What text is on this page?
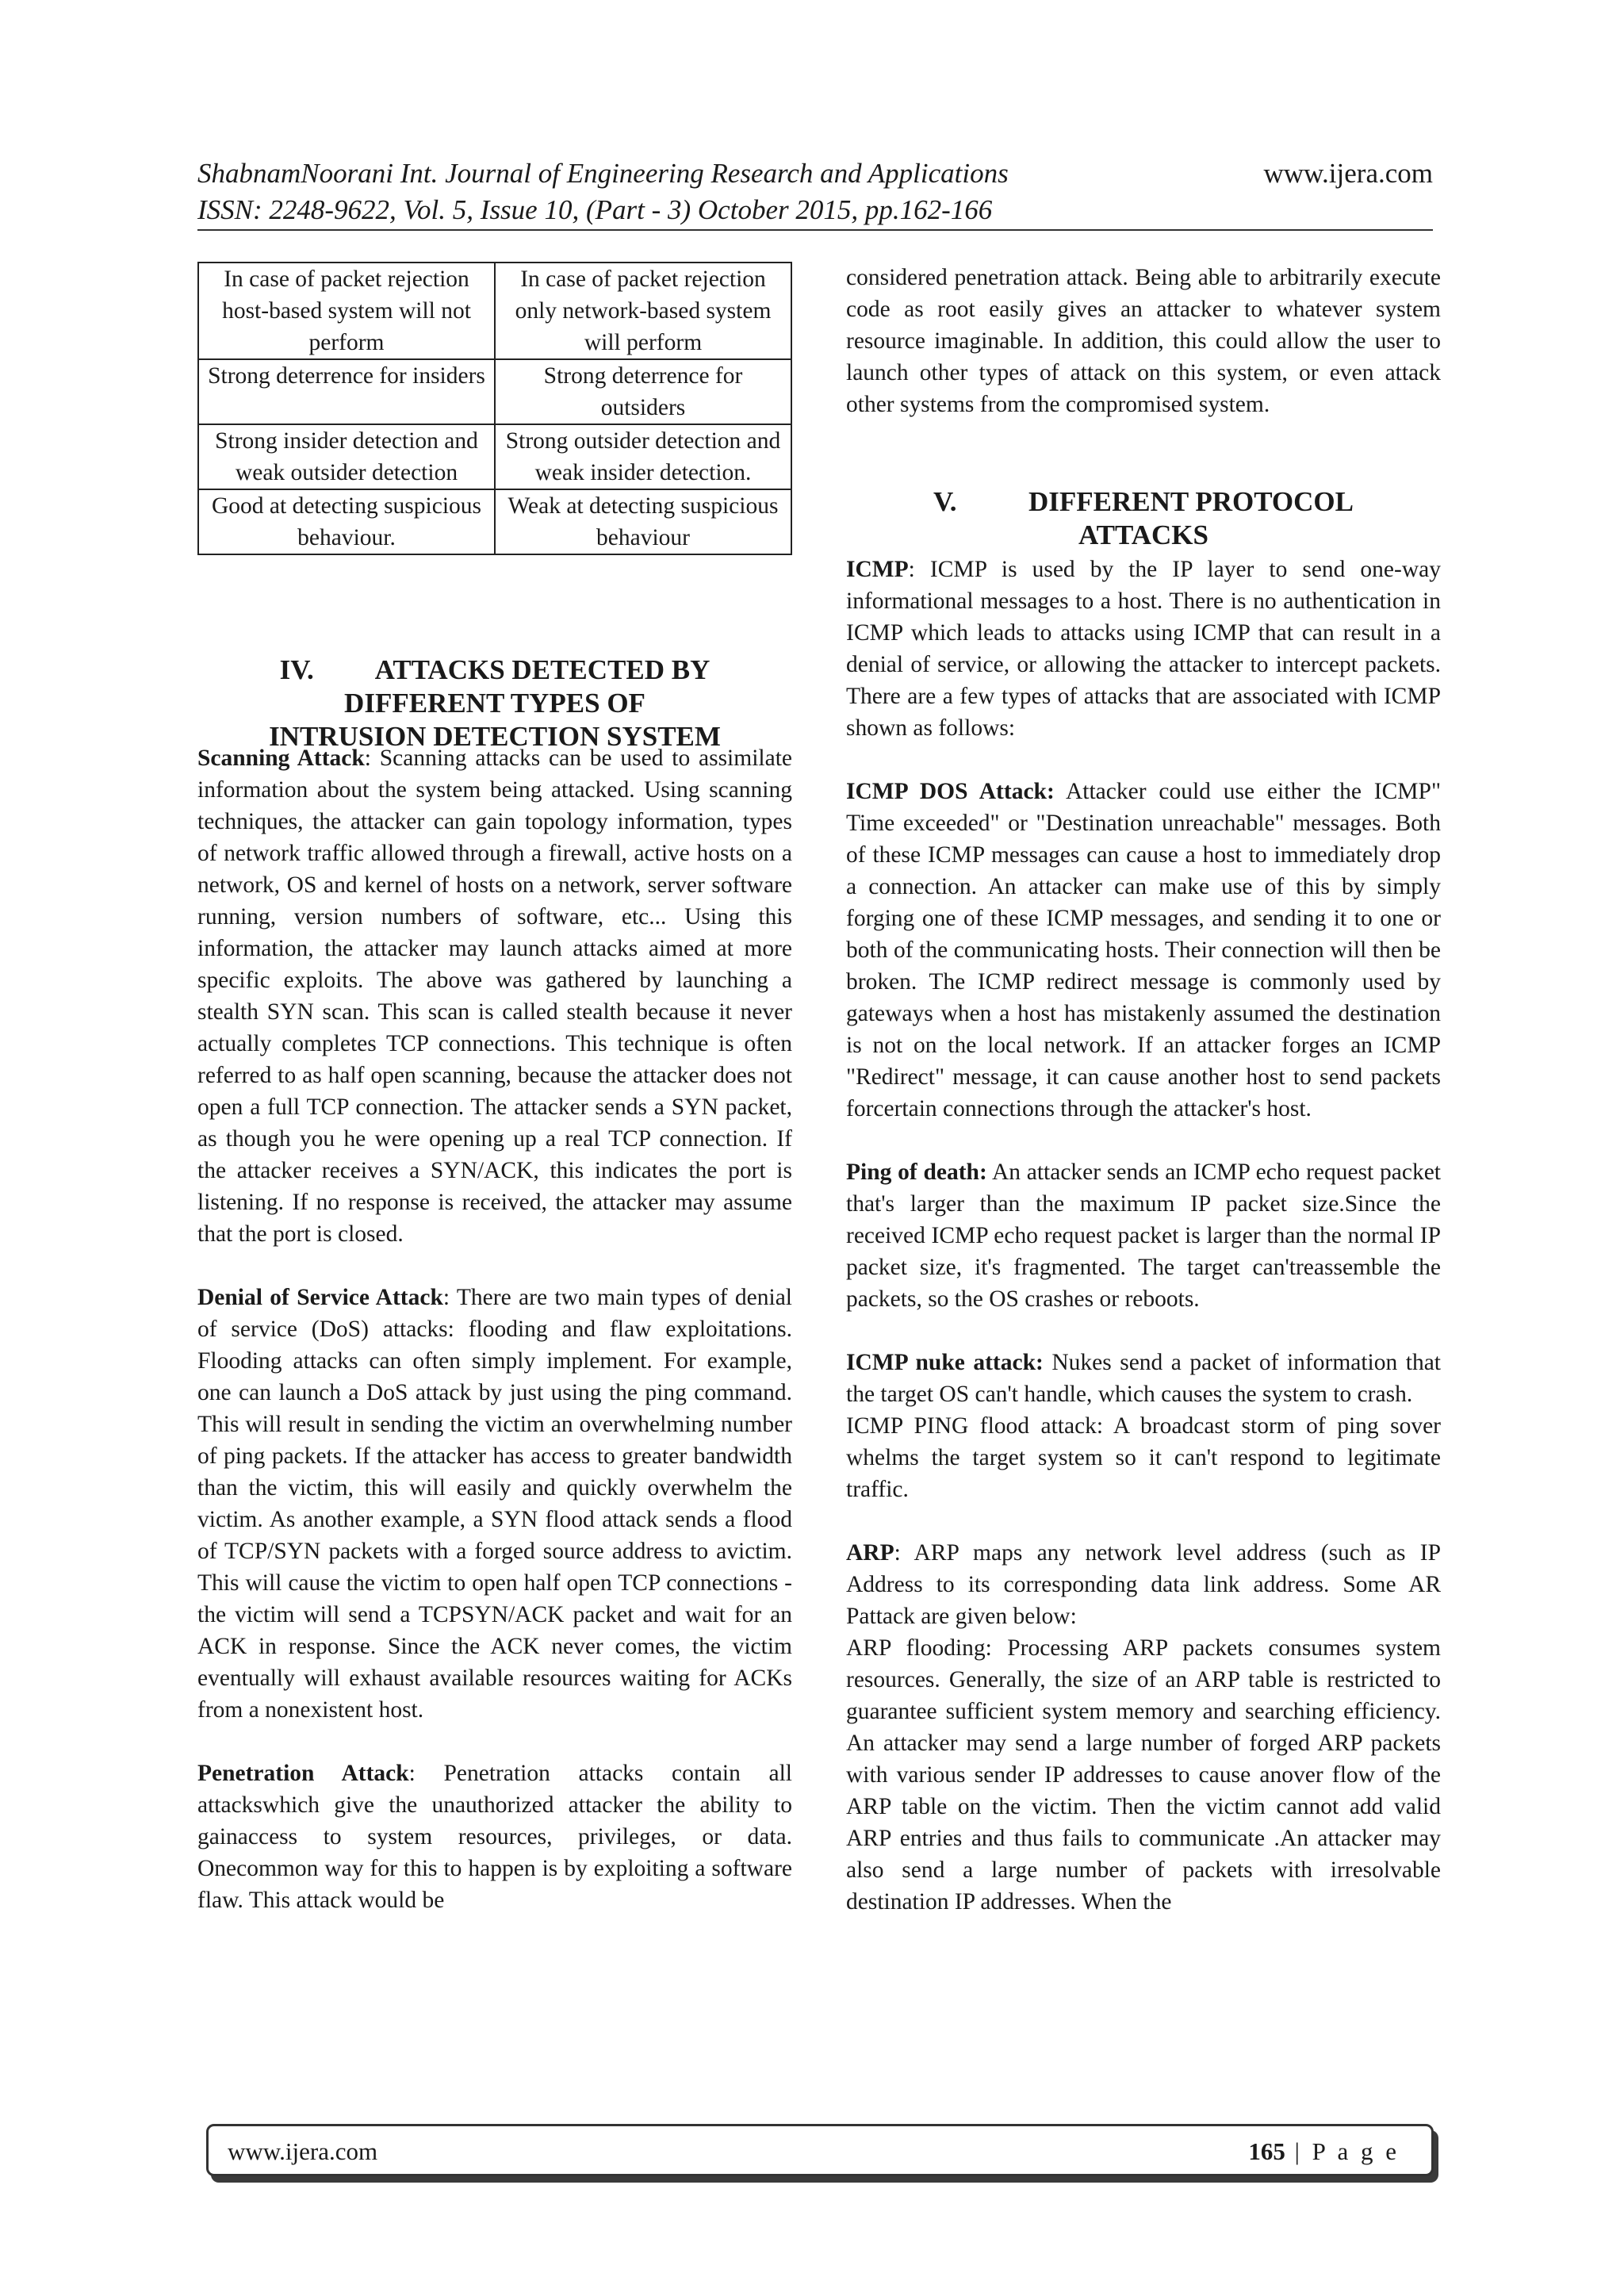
ShabnamNoorani Int. Journal of Engineering Research and Applications	www.ijera.com
ISSN: 2248-9622, Vol. 5, Issue 10, (Part - 3) October 2015, pp.162-166
In case of packet rejection host-based system will not perform	In case of packet rejection only network-based system will perform
Strong deterrence for insiders	Strong deterrence for outsiders
Strong insider detection and weak outsider detection	Strong outsider detection and weak insider detection.
Good at detecting suspicious behaviour.	Weak at detecting suspicious behaviour
IV. ATTACKS DETECTED BY
DIFFERENT TYPES OF
INTRUSION DETECTION SYSTEM

Scanning Attack: Scanning attacks can be used to assimilate information about the system being attacked. Using scanning techniques, the attacker can gain topology information, types of network traffic allowed through a firewall, active hosts on a network, OS and kernel of hosts on a network, server software running, version numbers of software, etc... Using this information, the attacker may launch attacks aimed at more specific exploits. The above was gathered by launching a stealth SYN scan. This scan is called stealth because it never actually completes TCP connections. This technique is often referred to as half open scanning, because the attacker does not open a full TCP connection. The attacker sends a SYN packet, as though you he were opening up a real TCP connection. If the attacker receives a SYN/ACK, this indicates the port is listening. If no response is received, the attacker may assume that the port is closed.

Denial of Service Attack: There are two main types of denial of service (DoS) attacks: flooding and flaw exploitations. Flooding attacks can often simply implement. For example, one can launch a DoS attack by just using the ping command. This will result in sending the victim an overwhelming number of ping packets. If the attacker has access to greater bandwidth than the victim, this will easily and quickly overwhelm the victim. As another example, a SYN flood attack sends a flood of TCP/SYN packets with a forged source address to avictim. This will cause the victim to open half open TCP connections - the victim will send a TCPSYN/ACK packet and wait for an ACK in response. Since the ACK never comes, the victim eventually will exhaust available resources waiting for ACKs from a nonexistent host.

Penetration Attack: Penetration attacks contain all attackswhich give the unauthorized attacker the ability to gainaccess to system resources, privileges, or data. Onecommon way for this to happen is by exploiting a software flaw. This attack would be

considered penetration attack. Being able to arbitrarily execute code as root easily gives an attacker to whatever system resource imaginable. In addition, this could allow the user to launch other types of attack on this system, or even attack other systems from the compromised system.

V.	DIFFERENT PROTOCOL
ATTACKS

ICMP: ICMP is used by the IP layer to send one-way informational messages to a host. There is no authentication in ICMP which leads to attacks using ICMP that can result in a denial of service, or allowing the attacker to intercept packets. There are a few types of attacks that are associated with ICMP shown as follows:

ICMP DOS Attack: Attacker could use either the ICMP" Time exceeded" or "Destination unreachable" messages. Both of these ICMP messages can cause a host to immediately drop a connection. An attacker can make use of this by simply forging one of these ICMP messages, and sending it to one or both of the communicating hosts. Their connection will then be broken. The ICMP redirect message is commonly used by gateways when a host has mistakenly assumed the destination is not on the local network. If an attacker forges an ICMP "Redirect" message, it can cause another host to send packets forcertain connections through the attacker's host.

Ping of death: An attacker sends an ICMP echo request packet that's larger than the maximum IP packet size.Since the received ICMP echo request packet is larger than the normal IP packet size, it's fragmented. The target can'treassemble the packets, so the OS crashes or reboots.

ICMP nuke attack: Nukes send a packet of information that the target OS can't handle, which causes the system to crash.

ICMP PING flood attack: A broadcast storm of ping sover whelms the target system so it can't respond to legitimate traffic.

ARP: ARP maps any network level address (such as IP Address to its corresponding data link address. Some AR Pattack are given below:

ARP flooding: Processing ARP packets consumes system resources. Generally, the size of an ARP table is restricted to guarantee sufficient system memory and searching efficiency. An attacker may send a large number of forged ARP packets with various sender IP addresses to cause anover flow of the ARP table on the victim. Then the victim cannot add valid ARP entries and thus fails to communicate .An attacker may also send a large number of packets with irresolvable destination IP addresses. When the

www.ijera.com	165 | P a g e
